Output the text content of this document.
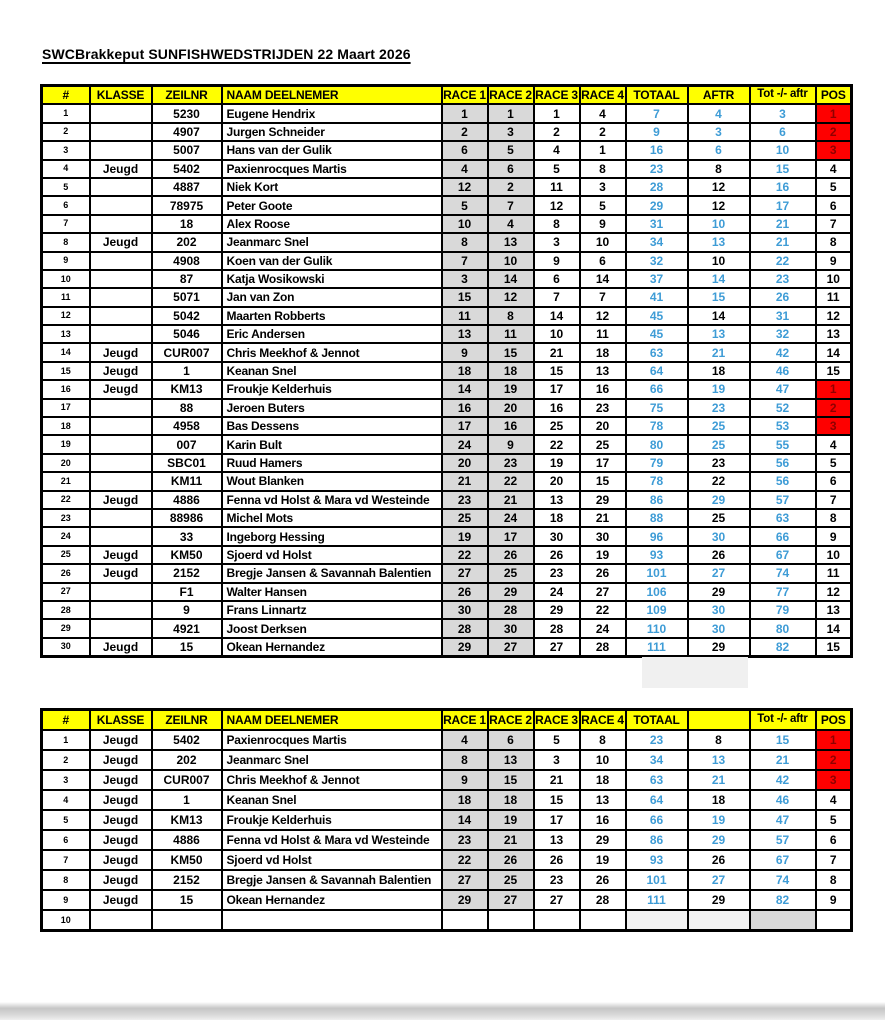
SWCBrakkeput SUNFISHWEDSTRIJDEN 22 Maart 2026
#	KLASSE	ZEILNR	NAAM DEELNEMER	RACE 1	RACE 2	RACE 3	RACE 4	TOTAAL	AFTR	Tot -/- aftr	POS
1		5230	Eugene Hendrix	1	1	1	4	7	4	3	1
2		4907	Jurgen Schneider	2	3	2	2	9	3	6	2
3		5007	Hans van der Gulik	6	5	4	1	16	6	10	3
4	Jeugd	5402	Paxienrocques Martis	4	6	5	8	23	8	15	4
5		4887	Niek Kort	12	2	11	3	28	12	16	5
6		78975	Peter Goote	5	7	12	5	29	12	17	6
7		18	Alex Roose	10	4	8	9	31	10	21	7
8	Jeugd	202	Jeanmarc Snel	8	13	3	10	34	13	21	8
9		4908	Koen van der Gulik	7	10	9	6	32	10	22	9
10		87	Katja Wosikowski	3	14	6	14	37	14	23	10
11		5071	Jan van Zon	15	12	7	7	41	15	26	11
12		5042	Maarten Robberts	11	8	14	12	45	14	31	12
13		5046	Eric Andersen	13	11	10	11	45	13	32	13
14	Jeugd	CUR007	Chris Meekhof & Jennot	9	15	21	18	63	21	42	14
15	Jeugd	1	Keanan Snel	18	18	15	13	64	18	46	15
16	Jeugd	KM13	Froukje Kelderhuis	14	19	17	16	66	19	47	1
17		88	Jeroen Buters	16	20	16	23	75	23	52	2
18		4958	Bas Dessens	17	16	25	20	78	25	53	3
19		007	Karin Bult	24	9	22	25	80	25	55	4
20		SBC01	Ruud Hamers	20	23	19	17	79	23	56	5
21		KM11	Wout Blanken	21	22	20	15	78	22	56	6
22	Jeugd	4886	Fenna vd Holst & Mara vd Westeinde	23	21	13	29	86	29	57	7
23		88986	Michel Mots	25	24	18	21	88	25	63	8
24		33	Ingeborg Hessing	19	17	30	30	96	30	66	9
25	Jeugd	KM50	Sjoerd vd Holst	22	26	26	19	93	26	67	10
26	Jeugd	2152	Bregje Jansen & Savannah Balentien	27	25	23	26	101	27	74	11
27		F1	Walter Hansen	26	29	24	27	106	29	77	12
28		9	Frans Linnartz	30	28	29	22	109	30	79	13
29		4921	Joost Derksen	28	30	28	24	110	30	80	14
30	Jeugd	15	Okean Hernandez	29	27	27	28	111	29	82	15
#	KLASSE	ZEILNR	NAAM DEELNEMER	RACE 1	RACE 2	RACE 3	RACE 4	TOTAAL		Tot -/- aftr	POS
1	Jeugd	5402	Paxienrocques Martis	4	6	5	8	23	8	15	1
2	Jeugd	202	Jeanmarc Snel	8	13	3	10	34	13	21	2
3	Jeugd	CUR007	Chris Meekhof & Jennot	9	15	21	18	63	21	42	3
4	Jeugd	1	Keanan Snel	18	18	15	13	64	18	46	4
5	Jeugd	KM13	Froukje Kelderhuis	14	19	17	16	66	19	47	5
6	Jeugd	4886	Fenna vd Holst & Mara vd Westeinde	23	21	13	29	86	29	57	6
7	Jeugd	KM50	Sjoerd vd Holst	22	26	26	19	93	26	67	7
8	Jeugd	2152	Bregje Jansen & Savannah Balentien	27	25	23	26	101	27	74	8
9	Jeugd	15	Okean Hernandez	29	27	27	28	111	29	82	9
10											
